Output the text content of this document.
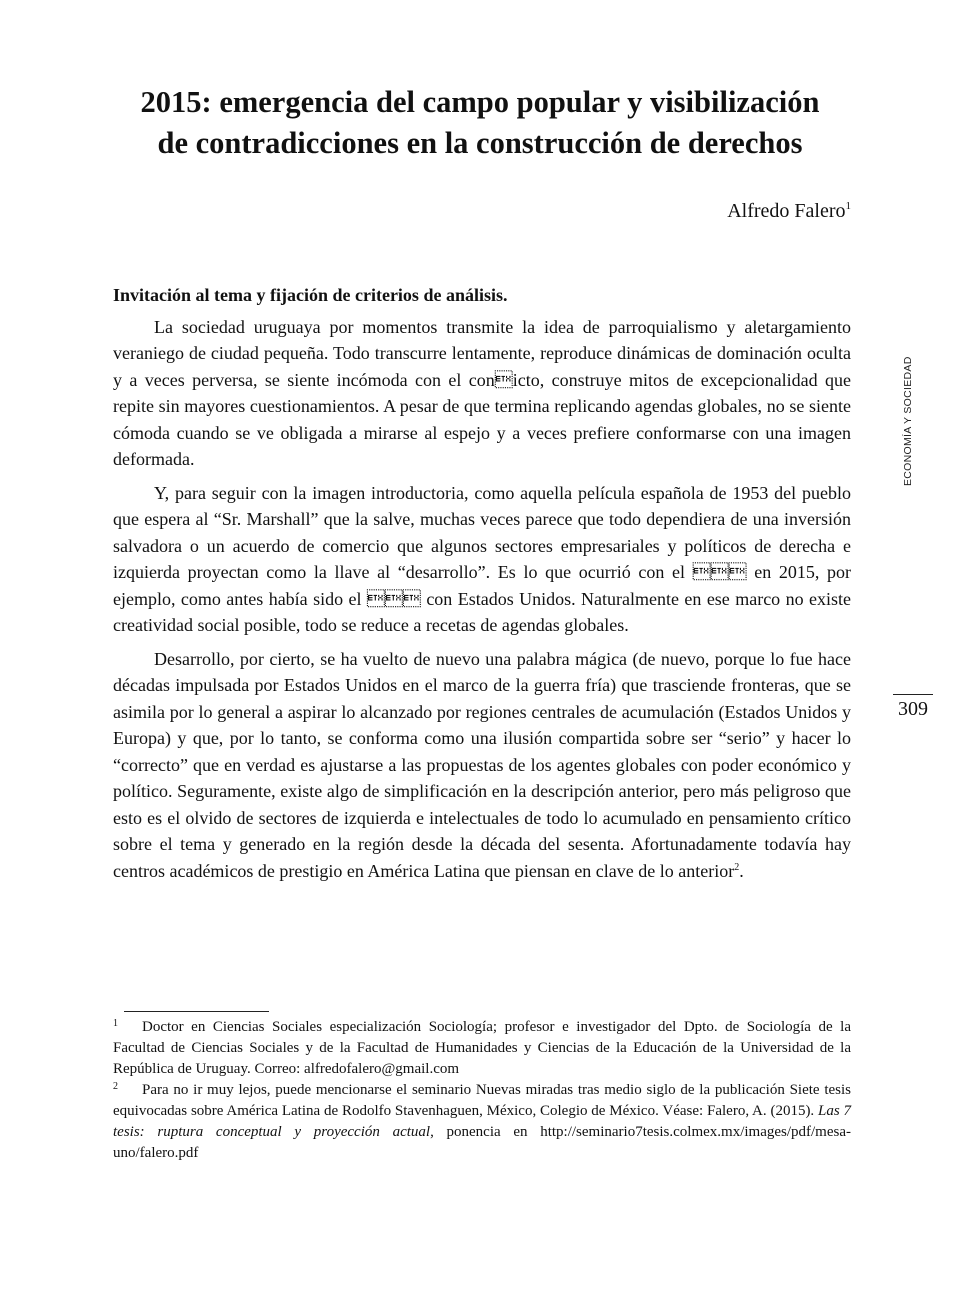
2015: emergencia del campo popular y visibilización
de contradicciones en la construcción de derechos
Alfredo Falero$^1$

Invitación al tema y fijación de criterios de análisis.

La sociedad uruguaya por momentos transmite la idea de parroquialismo y aletargamiento veraniego de ciudad pequeña. Todo transcurre lentamente, reproduce dinámicas de dominación oculta y a veces perversa, se siente incómoda con el conicto, construye mitos de excepcionalidad que repite sin mayores cuestionamientos. A pesar de que termina replicando agendas globales, no se siente cómoda cuando se ve obligada a mirarse al espejo y a veces prefiere conformarse con una imagen deformada.

Y, para seguir con la imagen introductoria, como aquella película española de 1953 del pueblo que espera al “Sr. Marshall” que la salve, muchas veces parece que todo dependiera de una inversión salvadora o un acuerdo de comercio que algunos sectores empresariales y políticos de derecha e izquierda proyectan como la llave al “desarrollo”. Es lo que ocurrió con el  en 2015, por ejemplo, como antes había sido el  con Estados Unidos. Naturalmente en ese marco no existe creatividad social posible, todo se reduce a recetas de agendas globales.

Desarrollo, por cierto, se ha vuelto de nuevo una palabra mágica (de nuevo, porque lo fue hace décadas impulsada por Estados Unidos en el marco de la guerra fría) que trasciende fronteras, que se asimila por lo general a aspirar lo alcanzado por regiones centrales de acumulación (Estados Unidos y Europa) y que, por lo tanto, se conforma como una ilusión compartida sobre ser “serio” y hacer lo “correcto” que en verdad es ajustarse a las propuestas de los agentes globales con poder económico y político. Seguramente, existe algo de simplificación en la descripción anterior, pero más peligroso que esto es el olvido de sectores de izquierda e intelectuales de todo lo acumulado en pensamiento crítico sobre el tema y generado en la región desde la década del sesenta. Afortunadamente todavía hay centros académicos de prestigio en América Latina que piensan en clave de lo anterior$^2$.

ECONOMÍA Y SOCIEDAD
309

1 Doctor en Ciencias Sociales especialización Sociología; profesor e investigador del Dpto. de Sociología de la Facultad de Ciencias Sociales y de la Facultad de Humanidades y Ciencias de la Educación de la Universidad de la República de Uruguay. Correo: alfredofalero@gmail.com

2 Para no ir muy lejos, puede mencionarse el seminario Nuevas miradas tras medio siglo de la publicación Siete tesis equivocadas sobre América Latina de Rodolfo Stavenhaguen, México, Colegio de México. Véase: Falero, A. (2015). Las 7 tesis: ruptura conceptual y proyección actual, ponencia en http://seminario7tesis.colmex.mx/images/pdf/mesa-uno/falero.pdf
